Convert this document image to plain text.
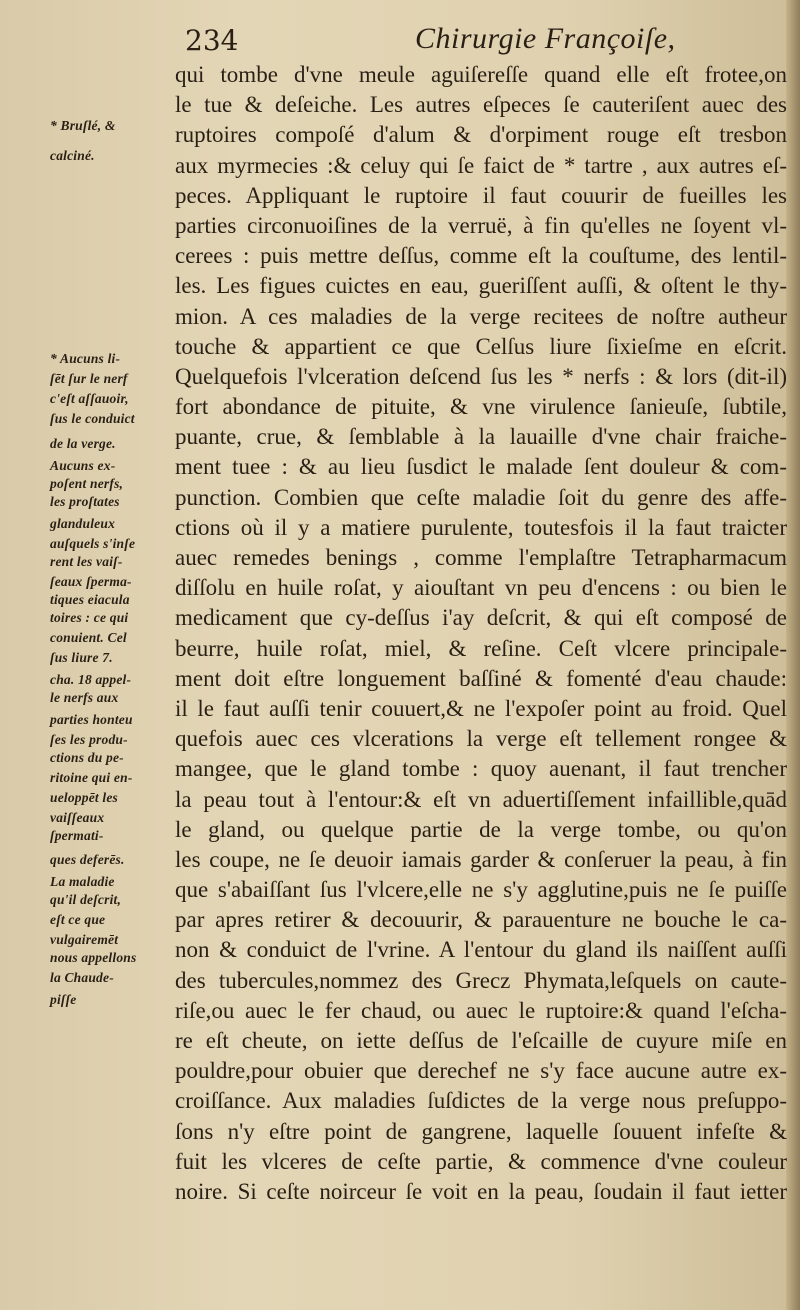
234	Chirurgie Françoiſe,
qui tombe d'vne meule aguiſereſſe quand elle eſt frotee,on
le tue & deſeiche. Les autres eſpeces ſe cauteriſent auec des
ruptoires compoſé d'alum & d'orpiment rouge eſt tresbon
aux myrmecies :& celuy qui ſe faict de * tartre , aux autres eſ-
peces. Appliquant le ruptoire il faut couurir de fueilles les
parties circonuoiſines de la verruë, à fin qu'elles ne ſoyent vl-
cerees : puis mettre deſſus, comme eſt la couſtume, des lentil-
les. Les figues cuictes en eau, gueriſſent auſſi, & oſtent le thy-
mion. A ces maladies de la verge recitees de noſtre autheur
touche & appartient ce que Celſus liure ſixieſme en eſcrit.
Quelquefois l'vlceration deſcend ſus les * nerfs : & lors (dit-il)
fort abondance de pituite, & vne virulence ſanieuſe, ſubtile,
puante, crue, & ſemblable à la lauaille d'vne chair fraiche-
ment tuee : & au lieu ſusdict le malade ſent douleur & com-
punction. Combien que ceſte maladie ſoit du genre des affe-
ctions où il y a matiere purulente, toutesfois il la faut traicter
auec remedes benings , comme l'emplaſtre Tetrapharmacum
diſſolu en huile roſat, y aiouſtant vn peu d'encens : ou bien le
medicament que cy-deſſus i'ay deſcrit, & qui eſt composé de
beurre, huile roſat, miel, & reſine. Ceſt vlcere principale-
ment doit eſtre longuement baſſiné & fomenté d'eau chaude:
il le faut auſſi tenir couuert,& ne l'expoſer point au froid. Quel
quefois auec ces vlcerations la verge eſt tellement rongee &
mangee, que le gland tombe : quoy auenant, il faut trencher
la peau tout à l'entour:& eſt vn aduertiſſement infaillible,quād
le gland, ou quelque partie de la verge tombe, ou qu'on
les coupe, ne ſe deuoir iamais garder & conſeruer la peau, à fin
que s'abaiſſant ſus l'vlcere,elle ne s'y agglutine,puis ne ſe puiſſe
par apres retirer & decouurir, & parauenture ne bouche le ca-
non & conduict de l'vrine. A l'entour du gland ils naiſſent auſſi
des tubercules,nommez des Grecz Phymata,leſquels on caute-
riſe,ou auec le fer chaud, ou auec le ruptoire:& quand l'eſcha-
re eſt cheute, on iette deſſus de l'eſcaille de cuyure miſe en
pouldre,pour obuier que derechef ne s'y face aucune autre ex-
croiſſance. Aux maladies ſuſdictes de la verge nous preſuppo-
ſons n'y eſtre point de gangrene, laquelle ſouuent infeſte &
fuit les vlceres de ceſte partie, & commence d'vne couleur
noire. Si ceſte noirceur ſe voit en la peau, ſoudain il faut ietter
* Bruſlé, &
calciné.
* Aucuns li-
ſēt ſur le nerf
c'eſt aſſauoir,
ſus le conduict
de la verge.
Aucuns ex-
poſent nerfs,
les proſtates
glanduleux
auſquels s'inſe
rent les vaiſ-
ſeaux ſperma-
tiques eiacula
toires : ce qui
conuient. Cel
ſus liure 7.
cha. 18 appel-
le nerfs aux
parties honteu
ſes les produ-
ctions du pe-
ritoine qui en-
ueloppēt les
vaiſſeaux
ſpermati-
ques deferēs.
La maladie
qu'il deſcrit,
eſt ce que
vulgairemēt
nous appellons
la Chaude-
piſſe
